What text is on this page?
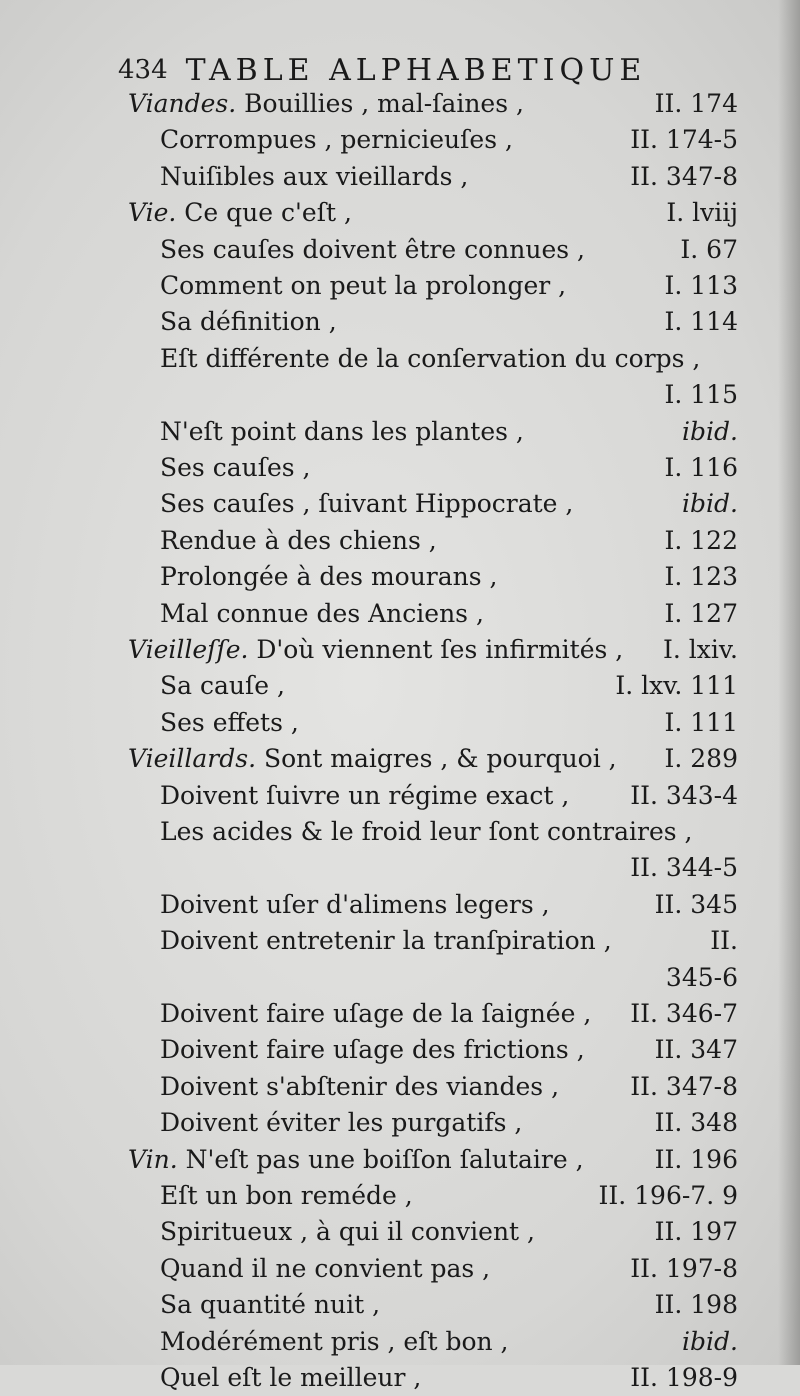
434 TABLE ALPHABETIQUE
Viandes. Bouillies , mal-ſaines ,	II. 174
Corrompues , pernicieuſes ,	II. 174-5
Nuiſibles aux vieillards ,	II. 347-8
Vie. Ce que c'eſt ,	I. lviij
Ses cauſes doivent être connues ,	I. 67
Comment on peut la prolonger ,	I. 113
Sa définition ,	I. 114
Eſt différente de la conſervation du corps ,
I. 115
N'eſt point dans les plantes ,	ibid.
Ses cauſes ,	I. 116
Ses cauſes , ſuivant Hippocrate ,	ibid.
Rendue à des chiens ,	I. 122
Prolongée à des mourans ,	I. 123
Mal connue des Anciens ,	I. 127
Vieilleſſe. D'où viennent ſes infirmités , I. lxiv.
Sa cauſe ,	I. lxv. 111
Ses effets ,	I. 111
Vieillards. Sont maigres , & pourquoi , I. 289
Doivent ſuivre un régime exact , II. 343-4
Les acides & le froid leur ſont contraires ,
II. 344-5
Doivent uſer d'alimens legers ,	II. 345
Doivent entretenir la tranſpiration ,	II.
345-6
Doivent faire uſage de la ſaignée , II. 346-7
Doivent faire uſage des frictions ,	II. 347
Doivent s'abſtenir des viandes ,	II. 347-8
Doivent éviter les purgatifs ,	II. 348
Vin. N'eſt pas une boiſſon ſalutaire ,	II. 196
Eſt un bon reméde ,	II. 196-7. 9
Spiritueux , à qui il convient ,	II. 197
Quand il ne convient pas ,	II. 197-8
Sa quantité nuit ,	II. 198
Modérément pris , eſt bon ,	ibid.
Quel eſt le meilleur ,	II. 198-9
